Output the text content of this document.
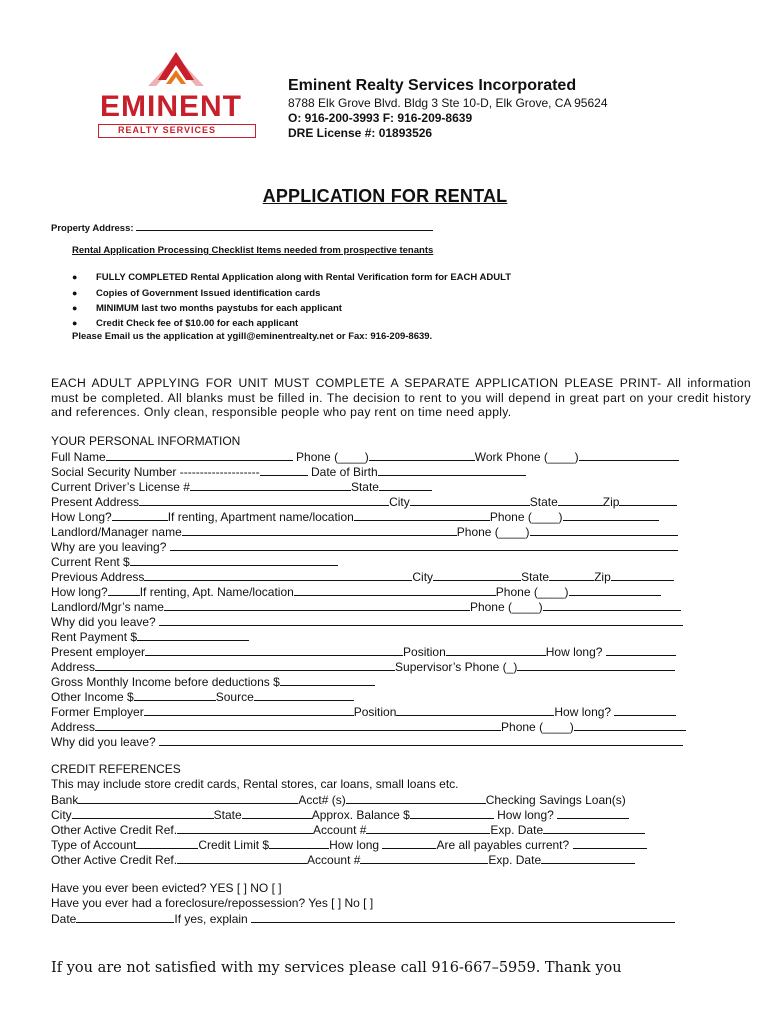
EMINENT
REALTY SERVICES
Eminent Realty Services Incorporated
8788 Elk Grove Blvd. Bldg 3 Ste 10-D, Elk Grove, CA 95624
O: 916-200-3993 F: 916-209-8639
DRE License #: 01893526
APPLICATION FOR RENTAL
Property Address:
Rental Application Processing Checklist Items needed from prospective tenants
● FULLY COMPLETED Rental Application along with Rental Verification form for EACH ADULT
● Copies of Government Issued identification cards
● MINIMUM last two months paystubs for each applicant
● Credit Check fee of $10.00 for each applicant
Please Email us the application at ygill@eminentrealty.net or Fax: 916-209-8639.
EACH ADULT APPLYING FOR UNIT MUST COMPLETE A SEPARATE APPLICATION PLEASE PRINT- All information must be completed. All blanks must be filled in. The decision to rent to you will depend in great part on your credit history and references. Only clean, responsible people who pay rent on time need apply.
YOUR PERSONAL INFORMATION
Full Name	Phone (____)	Work Phone (____)
Social Security Number --------------------	Date of Birth
Current Driver’s License #	State
Present Address	City	State	Zip
How Long?	If renting, Apartment name/location	Phone (____)
Landlord/Manager name	Phone (____)
Why are you leaving?
Current Rent $
Previous Address	City	State	Zip
How long?	If renting, Apt. Name/location	Phone (____)
Landlord/Mgr’s name	Phone (____)
Why did you leave?
Rent Payment $
Present employer	Position	How long?
Address	Supervisor’s Phone (_)
Gross Monthly Income before deductions $
Other Income $	Source
Former Employer	Position	How long?
Address	Phone (____)
Why did you leave?
CREDIT REFERENCES
This may include store credit cards, Rental stores, car loans, small loans etc.
Bank	Acct# (s)	Checking Savings Loan(s)
City	State	Approx. Balance $	How long?
Other Active Credit Ref.	Account #	Exp. Date
Type of Account	Credit Limit $	How long	Are all payables current?
Other Active Credit Ref.	Account #	Exp. Date
Have you ever been evicted? YES [ ] NO [ ]
Have you ever had a foreclosure/repossession? Yes [ ] No [ ]
Date	If yes, explain
If you are not satisfied with my services please call 916-667–5959. Thank you
